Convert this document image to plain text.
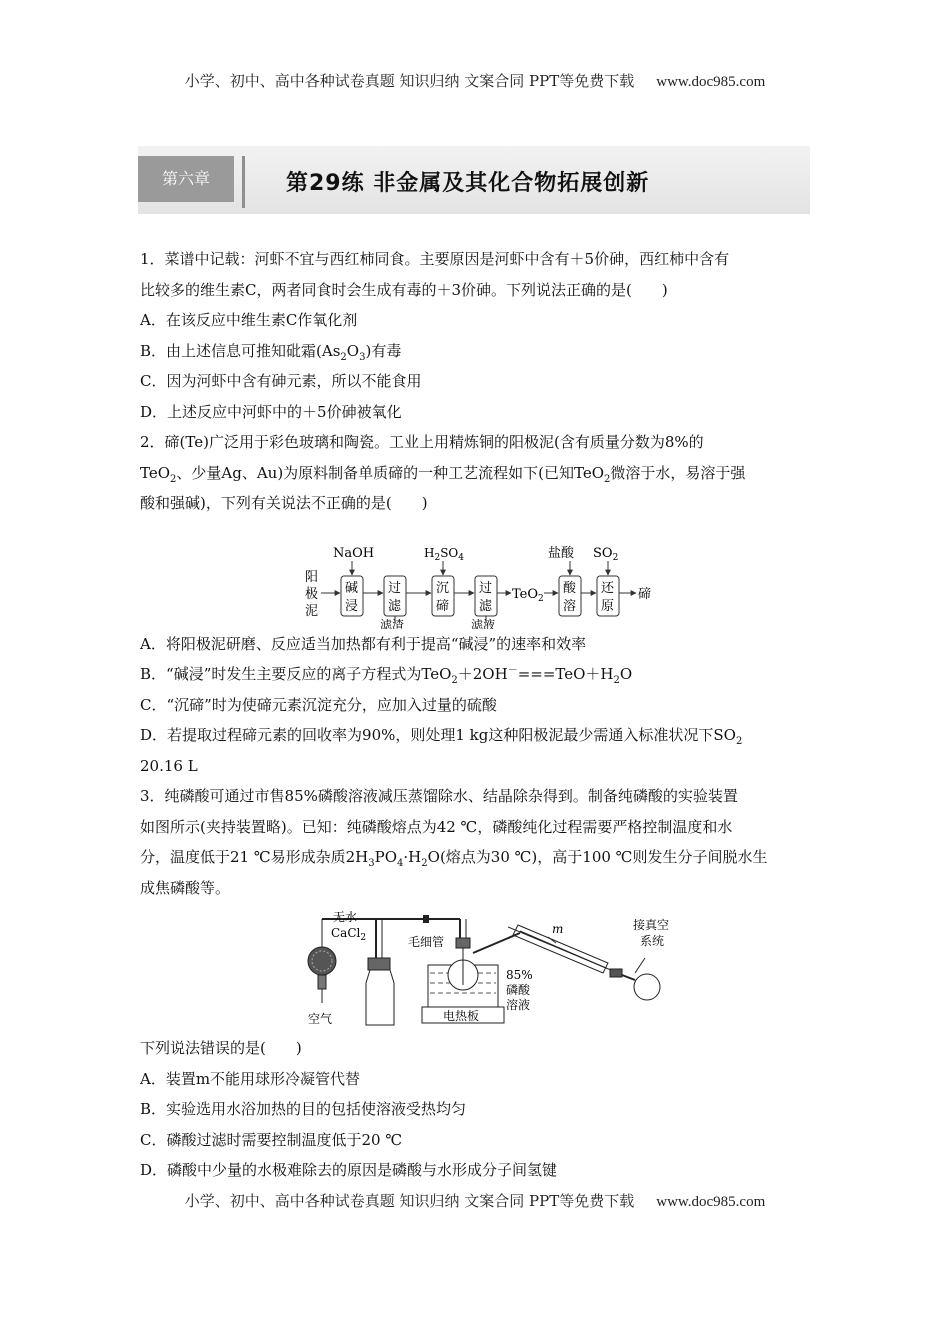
小学、初中、高中各种试卷真题 知识归纳 文案合同 PPT等免费下载 www.doc985.com
第六章	第29练 非金属及其化合物拓展创新

1．菜谱中记载：河虾不宜与西红柿同食。主要原因是河虾中含有＋5价砷，西红柿中含有

比较多的维生素C，两者同食时会生成有毒的＋3价砷。下列说法正确的是(　　)

A．在该反应中维生素C作氧化剂

B．由上述信息可推知砒霜$(As_2O_3)$有毒

C．因为河虾中含有砷元素，所以不能食用

D．上述反应中河虾中的＋5价砷被氧化

2．碲(Te)广泛用于彩色玻璃和陶瓷。工业上用精炼铜的阳极泥(含有质量分数为8%的

TeO$_2$、少量Ag、Au)为原料制备单质碲的一种工艺流程如下(已知TeO$_2$微溶于水，易溶于强

酸和强碱)，下列有关说法不正确的是(　　)

阳
极
泥
NaOH
碱
浸
过
滤
滤渣
$H_2SO_4$
沉
碲
过
滤
滤液
TeO$_2$
盐酸
酸
溶
$SO_2$
还
原
碲

A．将阳极泥研磨、反应适当加热都有利于提高“碱浸”的速率和效率

B．“碱浸”时发生主要反应的离子方程式为$TeO_2+2OH^-===TeO+H_2O$

C．“沉碲”时为使碲元素沉淀充分，应加入过量的硫酸

D．若提取过程碲元素的回收率为90%，则处理1 kg这种阳极泥最少需通入标准状况下$SO_2$

20.16 L

3．纯磷酸可通过市售85%磷酸溶液减压蒸馏除水、结晶除杂得到。制备纯磷酸的实验装置

如图所示(夹持装置略)。已知：纯磷酸熔点为42 ℃，磷酸纯化过程需要严格控制温度和水

分，温度低于21 ℃易形成杂质$2H_3PO_4\cdot H_2O$(熔点为30 ℃)，高于100 ℃则发生分子间脱水生

成焦磷酸等。

无水
CaCl$_2$
空气
毛细管
电热板
85%
磷酸
溶液
m	接真空
系统

下列说法错误的是(　　)

A．装置m不能用球形冷凝管代替

B．实验选用水浴加热的目的包括使溶液受热均匀

C．磷酸过滤时需要控制温度低于20 ℃

D．磷酸中少量的水极难除去的原因是磷酸与水形成分子间氢键

小学、初中、高中各种试卷真题 知识归纳 文案合同 PPT等免费下载 www.doc985.com
